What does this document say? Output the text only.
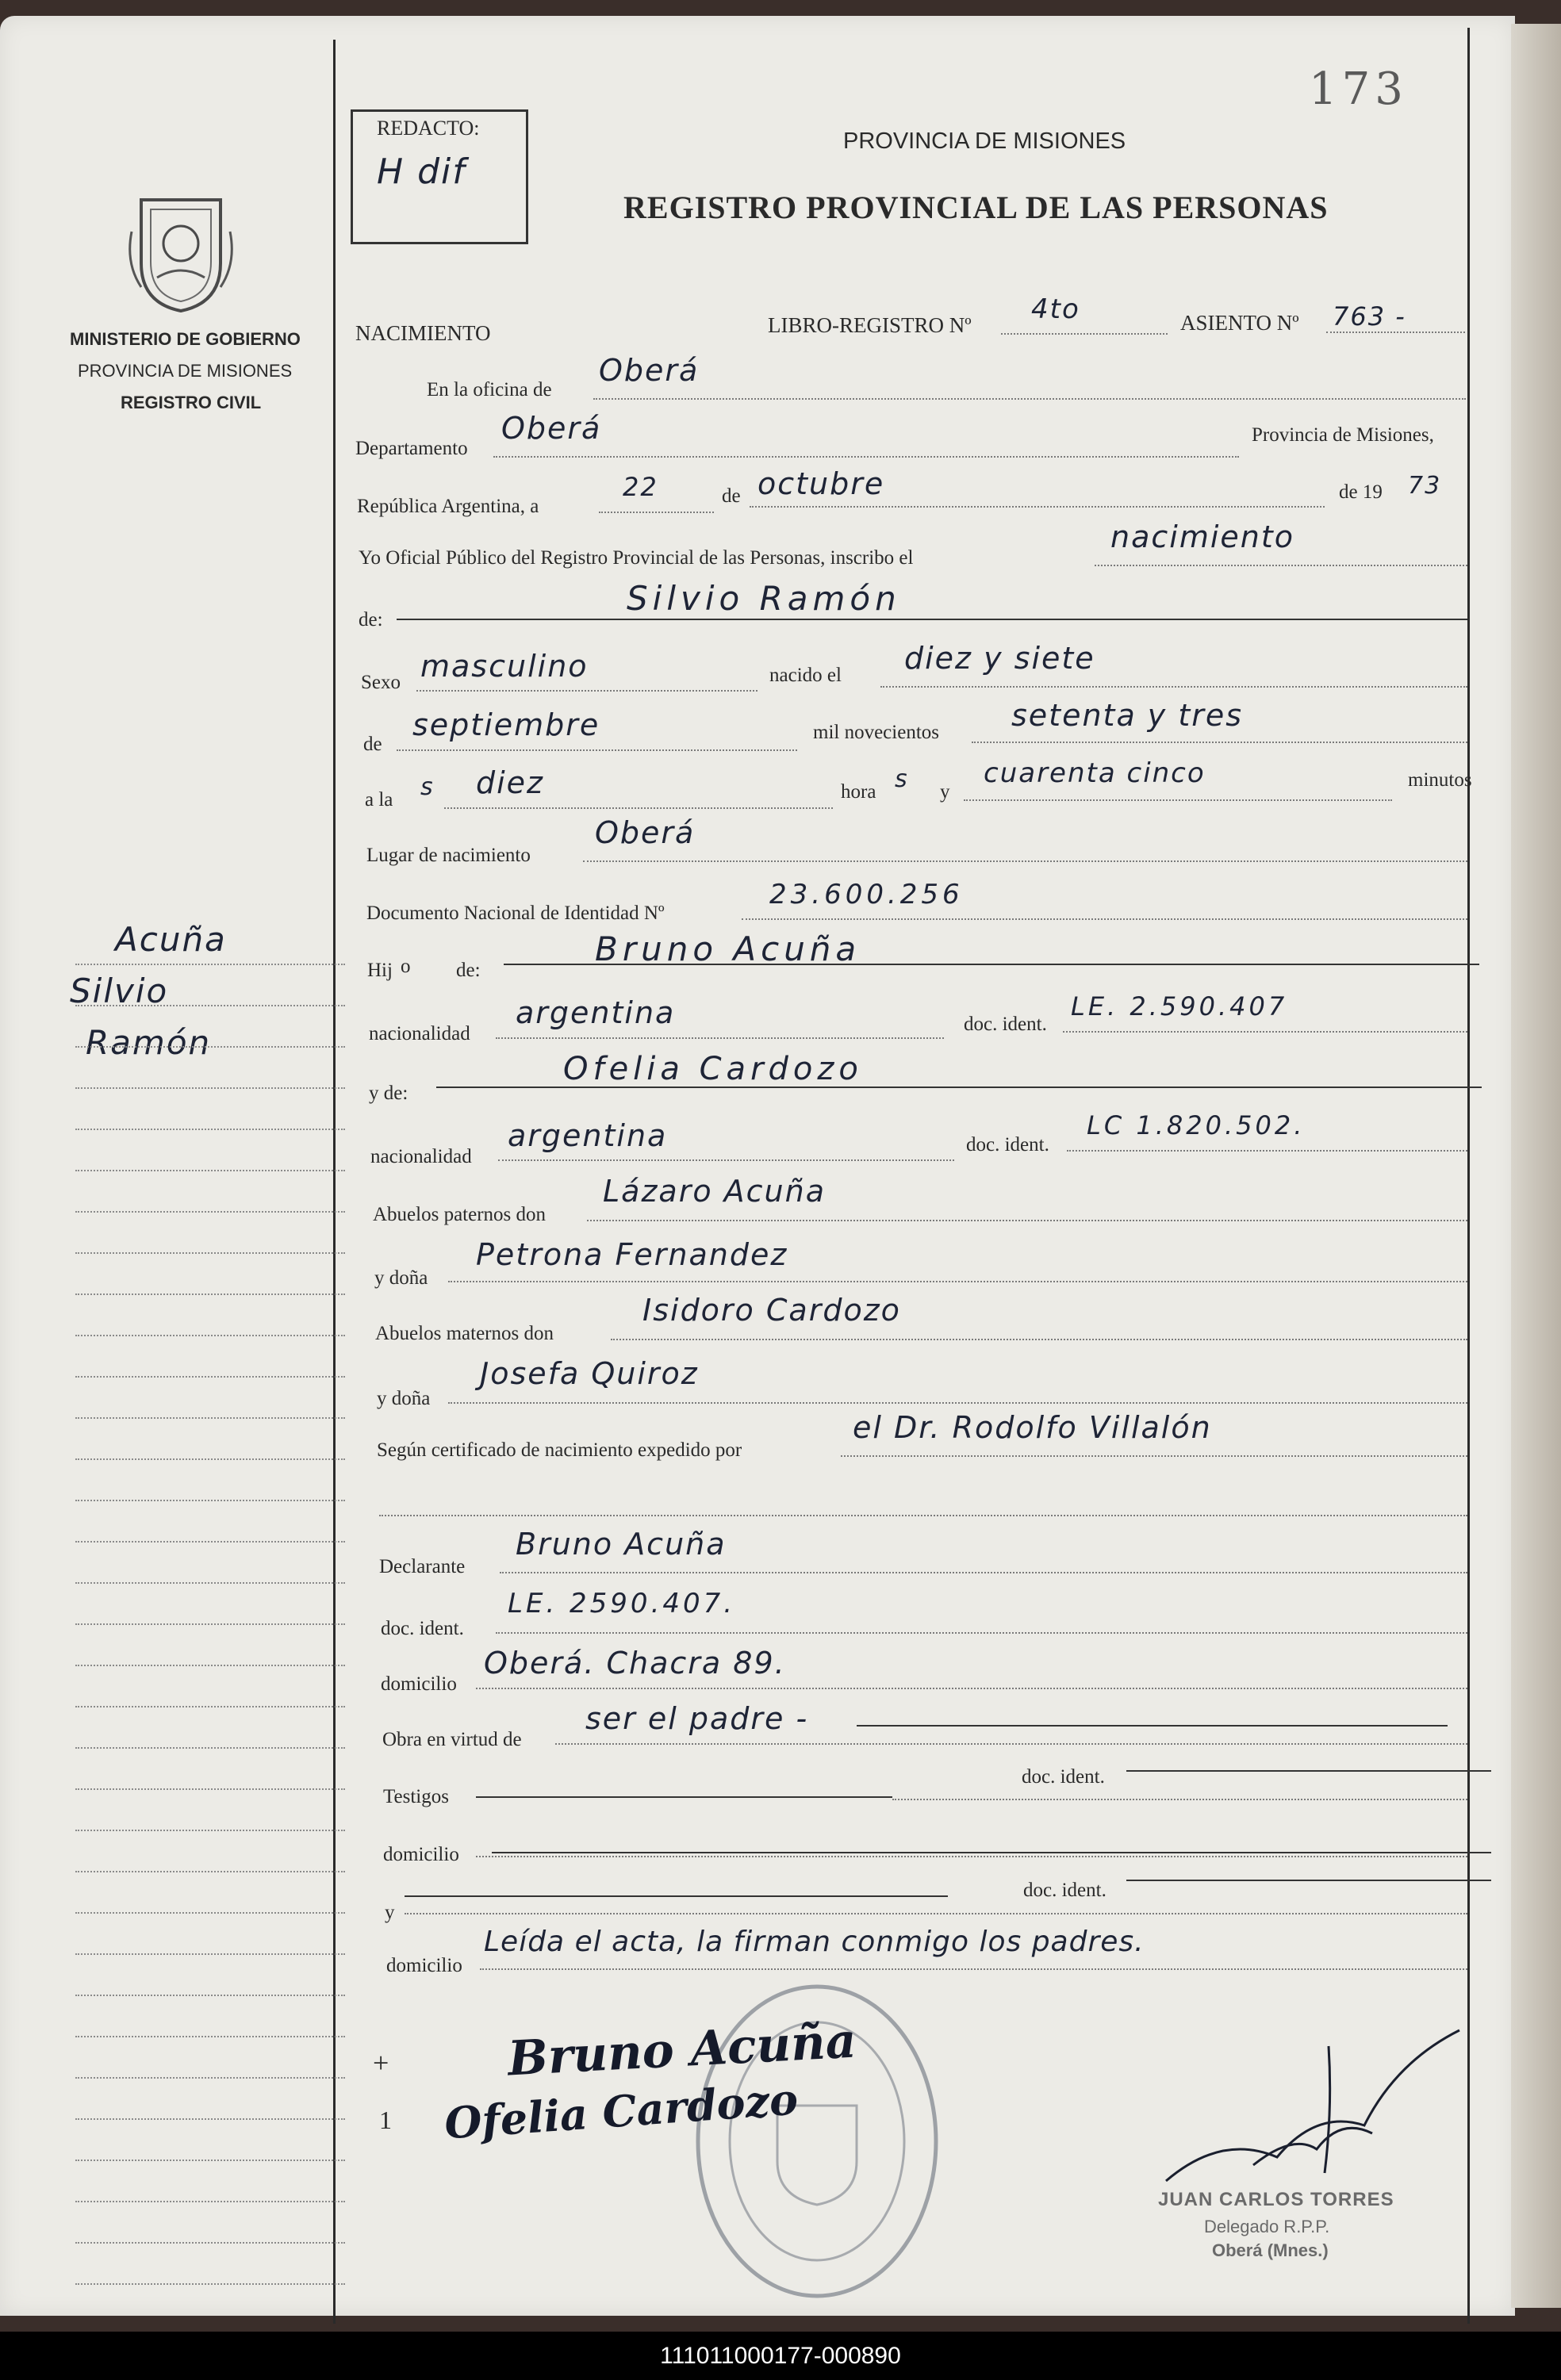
173
REDACTO:
H dif
MINISTERIO DE GOBIERNO
PROVINCIA DE MISIONES
REGISTRO CIVIL
PROVINCIA DE MISIONES
REGISTRO PROVINCIAL DE LAS PERSONAS
NACIMIENTO	LIBRO-REGISTRO Nº 4to	ASIENTO Nº 763 -
Acuña
Silvio
Ramón
En la oficina de
Oberá
Departamento
Oberá	Provincia de Misiones,
República Argentina, a
22	de octubre	de 19 73
Yo Oficial Público del Registro Provincial de las Personas, inscribo el
nacimiento
de:
Silvio Ramón
Sexo masculino	nacido el diez y siete
de
septiembre	mil novecientos setenta y tres
a la s diez	hora s y
cuarenta cinco	minutos
Lugar de nacimiento
Oberá
Documento Nacional de Identidad Nº
23.600.256
Hij o de:
Bruno Acuña
nacionalidad
argentina	doc. ident.
LE. 2.590.407
y de:
Ofelia Cardozo
nacionalidad
argentina	doc. ident.
LC 1.820.502.
Abuelos paternos don
Lázaro Acuña
y doña
Petrona Fernandez
Abuelos maternos don
Isidoro Cardozo
y doña
Josefa Quiroz
Según certificado de nacimiento expedido por
el Dr. Rodolfo Villalón
Declarante
Bruno Acuña
doc. ident.
LE. 2590.407.
domicilio
Oberá. Chacra 89.
Obra en virtud de
ser el padre -
Testigos
doc. ident.
domicilio
y
doc. ident.
domicilio
Leída el acta, la firman conmigo los padres.
+
1
Bruno Acuña
Ofelia Cardozo
JUAN CARLOS TORRES
Delegado R.P.P.
Oberá (Mnes.)
111011000177-000890
